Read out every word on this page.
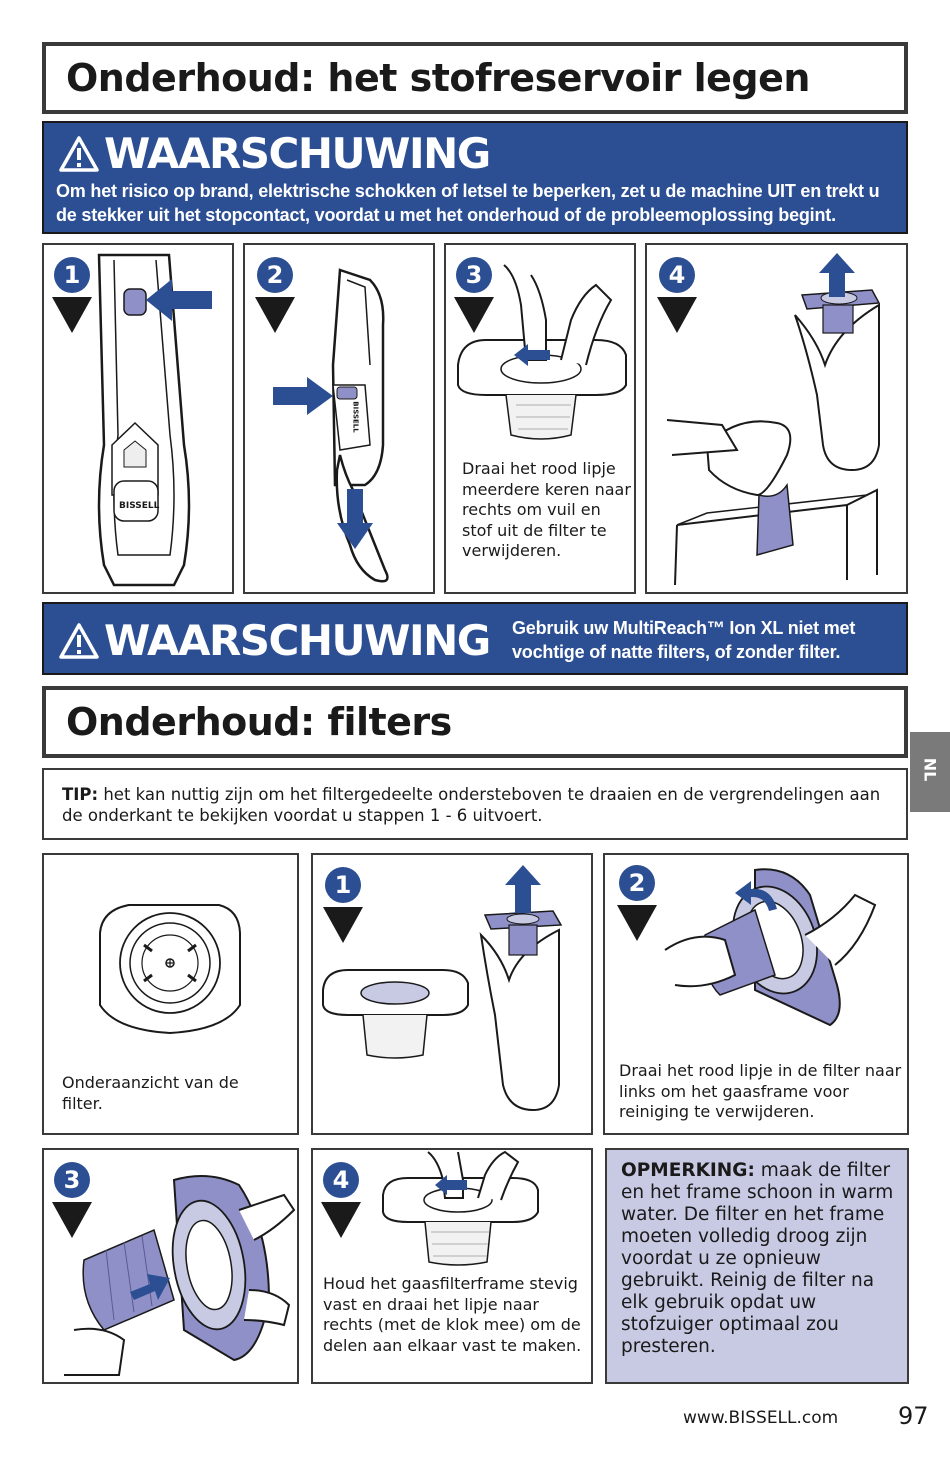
Onderhoud: het stofreservoir legen
WAARSCHUWING
Om het risico op brand, elektrische schokken of letsel te beperken, zet u de machine UIT en trekt u de stekker uit het stopcontact, voordat u met het onderhoud of de probleemoplossing begint.
BISSELL
1
BISSELL
2	3
Draai het rood lipje meerdere keren naar rechts om vuil en stof uit de filter te verwijderen.
4
WAARSCHUWING Gebruik uw MultiReach™ Ion XL niet met vochtige of natte filters, of zonder filter.
Onderhoud: filters
NL

TIP: het kan nuttig zijn om het filtergedeelte ondersteboven te draaien en de vergrendelingen aan de onderkant te bekijken voordat u stappen 1 - 6 uitvoert.

Onderaanzicht van de filter.
1	2
Draai het rood lipje in de filter naar links om het gaasframe voor reiniging te verwijderen.
3	4
Houd het gaasfilterframe stevig vast en draai het lipje naar rechts (met de klok mee) om de delen aan elkaar vast te maken.

OPMERKING: maak de filter en het frame schoon in warm water. De filter en het frame moeten volledig droog zijn voordat u ze opnieuw gebruikt. Reinig de filter na elk gebruik opdat uw stofzuiger optimaal zou presteren.

www.BISSELL.com 97
